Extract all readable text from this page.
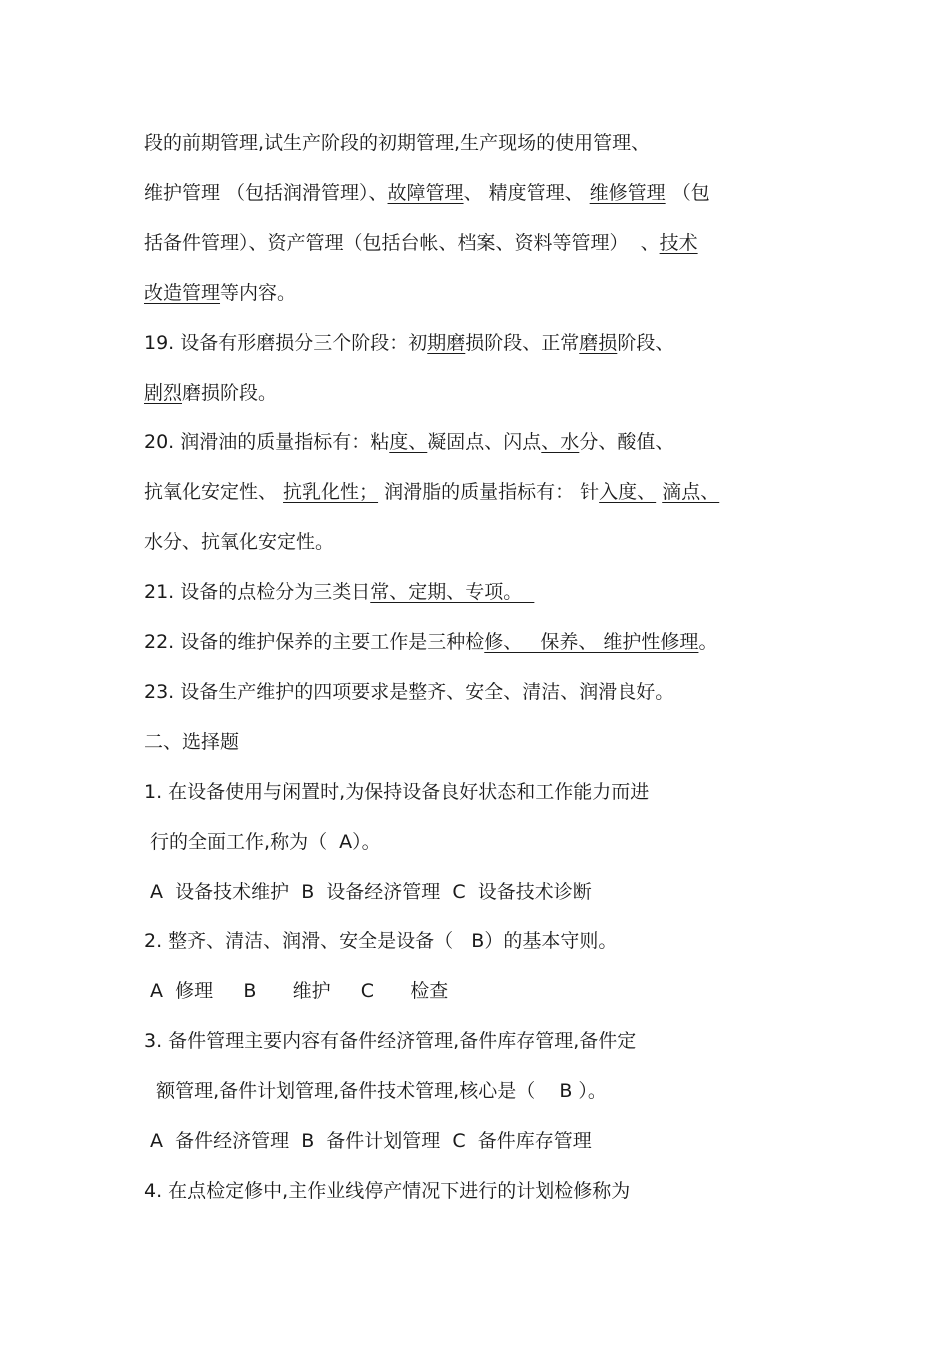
段的前期管理,试生产阶段的初期管理,生产现场的使用管理、
维护管理 （包括润滑管理）、故障管理、 精度管理、 维修管理 （包
括备件管理）、资产管理（包括台帐、档案、资料等管理）  、技术
改造管理等内容。
19. 设备有形磨损分三个阶段：初期磨损阶段、正常磨损阶段、
剧烈磨损阶段。
20. 润滑油的质量指标有：粘度、凝固点、闪点、水分、酸值、
抗氧化安定性、 抗乳化性； 润滑脂的质量指标有： 针入度、 滴点、
水分、抗氧化安定性。
21. 设备的点检分为三类日常、定期、专项。
22. 设备的维护保养的主要工作是三种检修、   保养、 维护性修理。
23. 设备生产维护的四项要求是整齐、安全、清洁、润滑良好。
二、选择题
1. 在设备使用与闲置时,为保持设备良好状态和工作能力而进
行的全面工作,称为（  A）。
A  设备技术维护  B  设备经济管理  C  设备技术诊断
2. 整齐、清洁、润滑、安全是设备（   B）的基本守则。
A  修理     B      维护     C      检查
3. 备件管理主要内容有备件经济管理,备件库存管理,备件定
额管理,备件计划管理,备件技术管理,核心是（    B ）。
A  备件经济管理  B  备件计划管理  C  备件库存管理
4. 在点检定修中,主作业线停产情况下进行的计划检修称为
